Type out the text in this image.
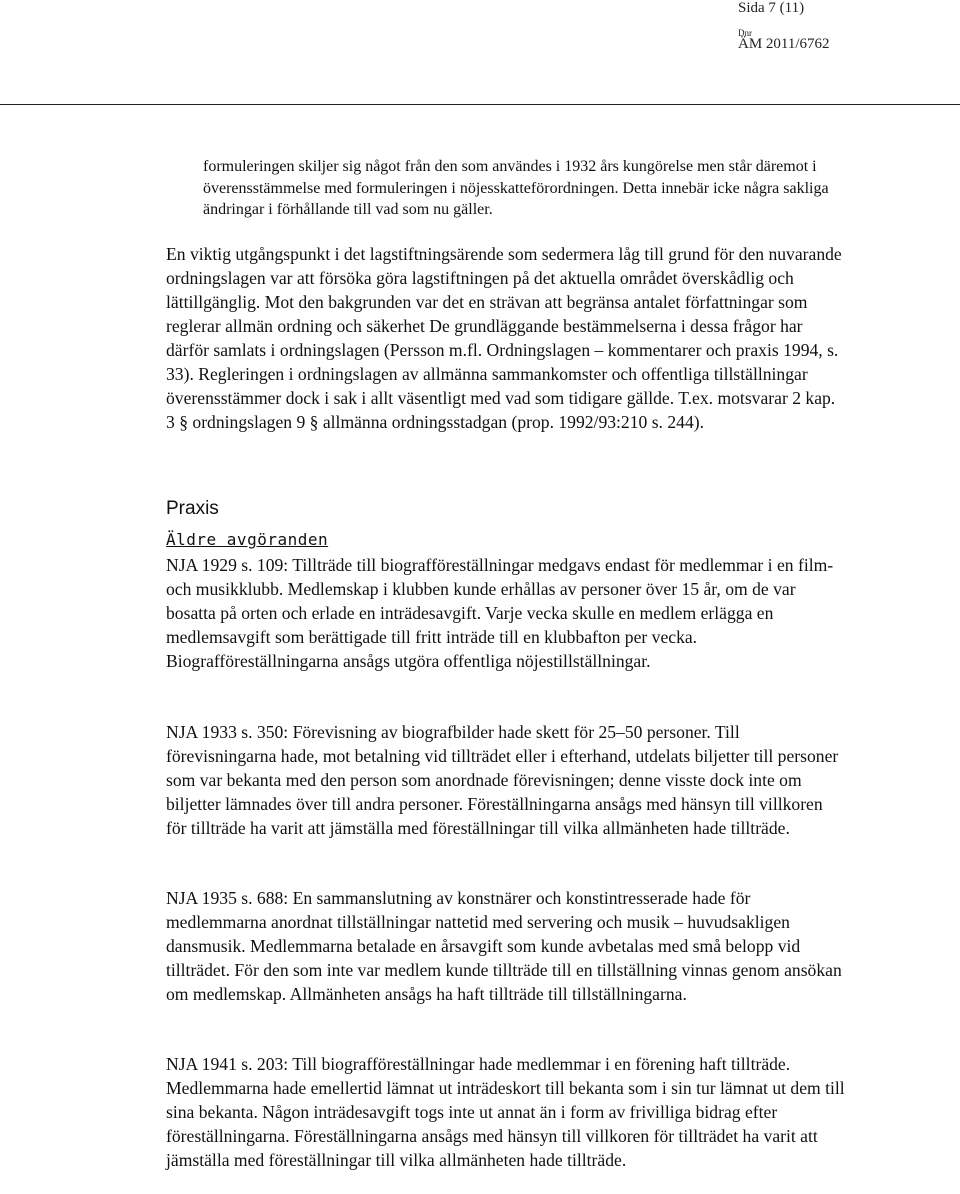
Sida 7 (11)
Dnr
ÄM 2011/6762

formuleringen skiljer sig något från den som användes i 1932 års kungörelse men står däremot i överensstämmelse med formuleringen i nöjesskatteförordningen. Detta innebär icke några sakliga ändringar i förhållande till vad som nu gäller.

En viktig utgångspunkt i det lagstiftningsärende som sedermera låg till grund för den nuvarande ordningslagen var att försöka göra lagstiftningen på det aktuella området överskådlig och lättillgänglig. Mot den bakgrunden var det en strävan att begränsa antalet författningar som reglerar allmän ordning och säkerhet De grundläggande bestämmelserna i dessa frågor har därför samlats i ordningslagen (Persson m.fl. Ordningslagen – kommentarer och praxis 1994, s. 33). Regleringen i ordningslagen av allmänna sammankomster och offentliga tillställningar överensstämmer dock i sak i allt väsentligt med vad som tidigare gällde. T.ex. motsvarar 2 kap. 3 § ordningslagen 9 § allmänna ordningsstadgan (prop. 1992/93:210 s. 244).

Praxis
Äldre avgöranden

NJA 1929 s. 109: Tillträde till biografföreställningar medgavs endast för medlemmar i en film- och musikklubb. Medlemskap i klubben kunde erhållas av personer över 15 år, om de var bosatta på orten och erlade en inträdesavgift. Varje vecka skulle en medlem erlägga en medlemsavgift som berättigade till fritt inträde till en klubbafton per vecka. Biografföreställningarna ansågs utgöra offentliga nöjestillställningar.

NJA 1933 s. 350: Förevisning av biografbilder hade skett för 25–50 personer. Till förevisningarna hade, mot betalning vid tillträdet eller i efterhand, utdelats biljetter till personer som var bekanta med den person som anordnade förevisningen; denne visste dock inte om biljetter lämnades över till andra personer. Föreställningarna ansågs med hänsyn till villkoren för tillträde ha varit att jämställa med föreställningar till vilka allmänheten hade tillträde.

NJA 1935 s. 688: En sammanslutning av konstnärer och konstintresserade hade för medlemmarna anordnat tillställningar nattetid med servering och musik – huvudsakligen dansmusik. Medlemmarna betalade en årsavgift som kunde avbetalas med små belopp vid tillträdet. För den som inte var medlem kunde tillträde till en tillställning vinnas genom ansökan om medlemskap. Allmänheten ansågs ha haft tillträde till tillställningarna.

NJA 1941 s. 203: Till biografföreställningar hade medlemmar i en förening haft tillträde. Medlemmarna hade emellertid lämnat ut inträdeskort till bekanta som i sin tur lämnat ut dem till sina bekanta. Någon inträdesavgift togs inte ut annat än i form av frivilliga bidrag efter föreställningarna. Föreställningarna ansågs med hänsyn till villkoren för tillträdet ha varit att jämställa med föreställningar till vilka allmänheten hade tillträde.
